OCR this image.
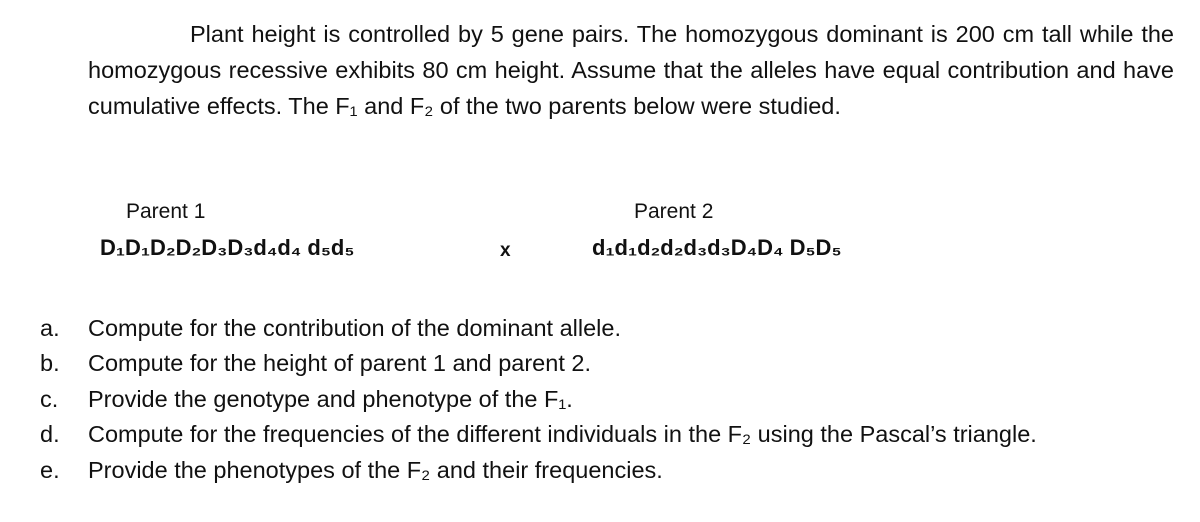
Plant height is controlled by 5 gene pairs. The homozygous dominant is 200 cm tall while the homozygous recessive exhibits 80 cm height. Assume that the alleles have equal contribution and have cumulative effects. The F₁ and F₂ of the two parents below were studied.

Parent 1
D₁D₁D₂D₂D₃D₃d₄d₄ d₅d₅	x
Parent 2
d₁d₁d₂d₂d₃d₃D₄D₄ D₅D₅
a.	Compute for the contribution of the dominant allele.
b.	Compute for the height of parent 1 and parent 2.
c.	Provide the genotype and phenotype of the F₁.
d.	Compute for the frequencies of the different individuals in the F₂ using the Pascal’s triangle.
e.	Provide the phenotypes of the F₂ and their frequencies.
